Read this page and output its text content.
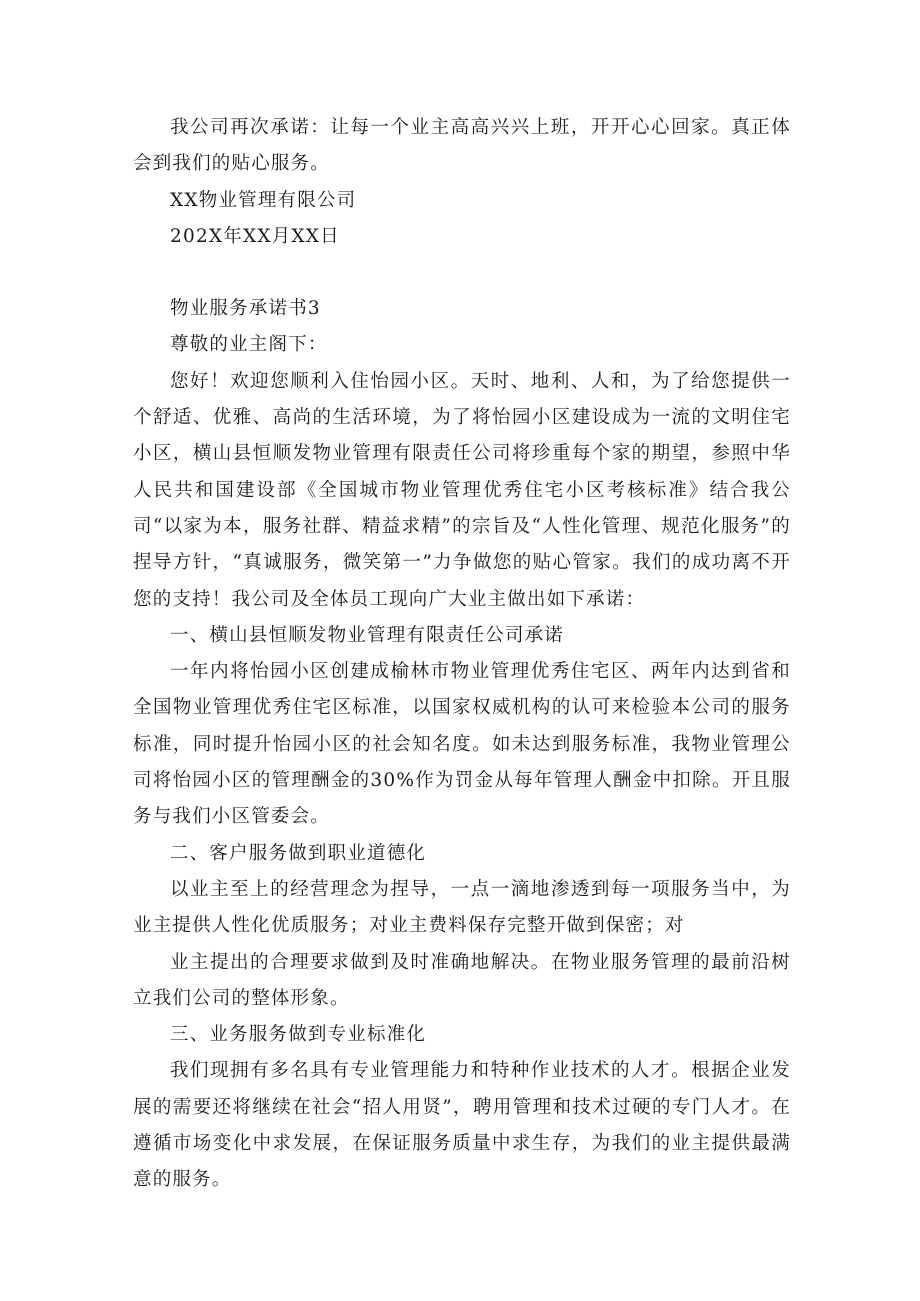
我公司再次承诺：让每一个业主高高兴兴上班，开开心心回家。真正体会到我们的贴心服务。

XX物业管理有限公司

202X年XX月XX日

物业服务承诺书3

尊敬的业主阁下：

您好！欢迎您顺利入住怡园小区。天时、地利、人和，为了给您提供一个舒适、优雅、高尚的生活环境，为了将怡园小区建设成为一流的文明住宅小区，横山县恒顺发物业管理有限责任公司将珍重每个家的期望，参照中华人民共和国建设部《全国城市物业管理优秀住宅小区考核标准》结合我公司“以家为本，服务社群、精益求精”的宗旨及“人性化管理、规范化服务”的捏导方针，“真诚服务，微笑第一”力争做您的贴心管家。我们的成功离不开您的支持！我公司及全体员工现向广大业主做出如下承诺：

一、横山县恒顺发物业管理有限责任公司承诺

一年内将怡园小区创建成榆林市物业管理优秀住宅区、两年内达到省和全国物业管理优秀住宅区标准，以国家权威机构的认可来检验本公司的服务标准，同时提升怡园小区的社会知名度。如未达到服务标准，我物业管理公司将怡园小区的管理酬金的30%作为罚金从每年管理人酬金中扣除。开且服务与我们小区管委会。

二、客户服务做到职业道德化

以业主至上的经营理念为捏导，一点一滴地渗透到每一项服务当中，为业主提供人性化优质服务；对业主费料保存完整开做到保密；对

业主提出的合理要求做到及时准确地解决。在物业服务管理的最前沿树立我们公司的整体形象。

三、业务服务做到专业标准化

我们现拥有多名具有专业管理能力和特种作业技术的人才。根据企业发展的需要还将继续在社会“招人用贤”，聘用管理和技术过硬的专门人才。在遵循市场变化中求发展，在保证服务质量中求生存，为我们的业主提供最满意的服务。
